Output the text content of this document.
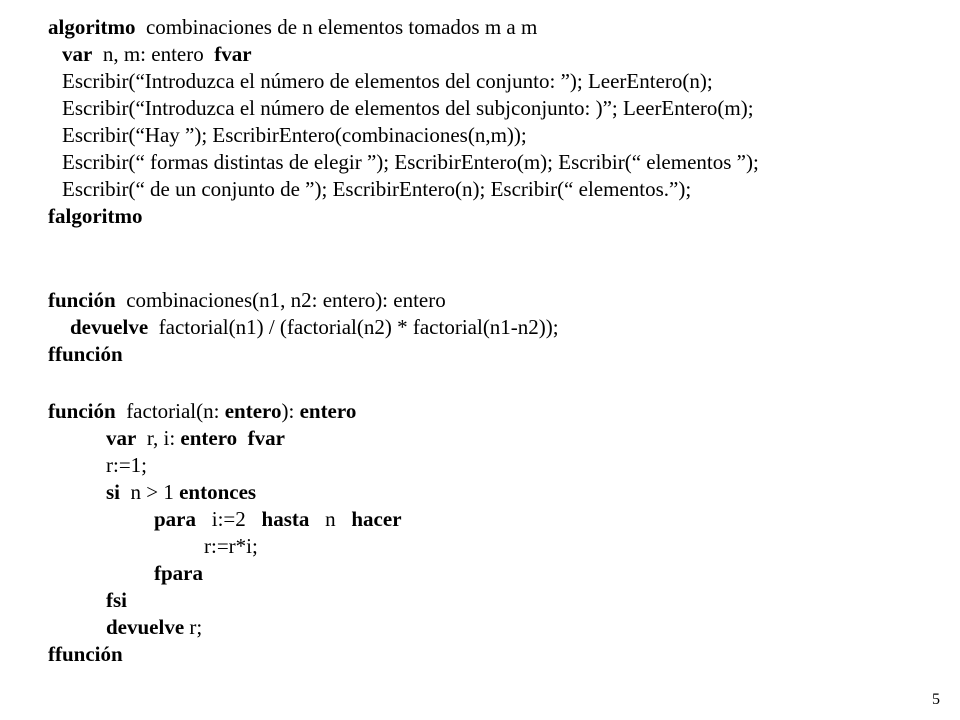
algoritmo  combinaciones de n elementos tomados m a m
var  n, m: entero  fvar
Escribir(“Introduzca el número de elementos del conjunto: ”); LeerEntero(n);
Escribir(“Introduzca el número de elementos del subjconjunto: )”; LeerEntero(m);
Escribir(“Hay ”); EscribirEntero(combinaciones(n,m));
Escribir(“ formas distintas de elegir ”); EscribirEntero(m); Escribir(“ elementos ”);
Escribir(“ de un conjunto de ”); EscribirEntero(n); Escribir(“ elementos.”);
falgoritmo
función  combinaciones(n1, n2: entero): entero
devuelve  factorial(n1) / (factorial(n2) * factorial(n1-n2));
ffunción
función  factorial(n: entero): entero
var  r, i: entero fvar
r:=1;
si  n > 1 entonces
para   i:=2   hasta   n   hacer
r:=r*i;
fpara
fsi
devuelve r;
ffunción
5
